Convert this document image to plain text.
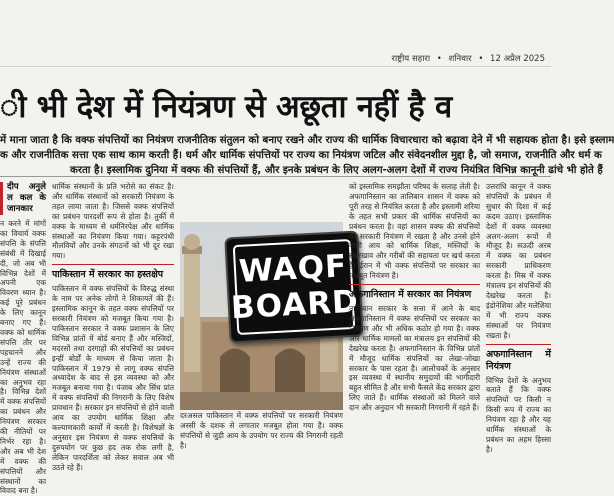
राष्ट्रीय सहारा • शनिवार • 12 अप्रैल 2025
ी भी देश में नियंत्रण से अछूता नहीं है व
में माना जाता है कि वक्फ संपत्तियों का नियंत्रण राजनीतिक संतुलन को बनाए रखने और राज्य की धार्मिक विचारधारा को बढ़ावा देने में भी सहायक होता है। इसे इस्लाम
क और राजनीतिक सत्ता एक साथ काम करती हैं। धर्म और धार्मिक संपत्तियों पर राज्य का नियंत्रण जटिल और संवेदनशील मुद्दा है, जो समाज, राजनीति और धर्म क
करता है। इस्लामिक दुनिया में वक्फ की संपत्तियों हैं, और इनके प्रबंधन के लिए अलग-अलग देशों में राज्य नियंत्रित विभिन्न कानूनी ढांचे भी होते हैं
दीप अनुले ल कल के जानकार

न करने में मांगों का विचार्य वक्फ संपत्ति के संपत्ति संबंधी में दिखाई दी, जो अब भी विभिन्न देशों में अपनी एक विवरण ध्यान है। कई पूरे प्रबंधन के लिए कानून बनाए गए हैं। वक्फ को धार्मिक संपत्ति तौर पर पहचानने और उन्हें राज्य की नियंत्रण संस्थाओं का अनुभव रहा है। विभिन्न देशों में वक्फ संपत्तियों का प्रबंधन और नियंत्रण सरकार की नीतियों पर निर्भर रहा है। और अब भी देश में वक्फ की संपत्तियों और संस्थानों का विवाद बना है।

धार्मिक संस्थानों के प्रति भरोसे का संकट है। और धार्मिक संस्थानों को सरकारी नियंत्रण के तहत लाया जाता है। जिससे वक्फ संपत्तियों का प्रबंधन पारदर्शी रूप से होता है। तुर्की में वक्फ के माध्यम से धर्मनिरपेक्ष और धार्मिक संस्थाओं का नियंत्रण किया गया। कट्टरपंथी मौलवियों और उनके संगठनों को भी दूर रखा गया।

पाकिस्तान में सरकार का हस्तक्षेप

पाकिस्तान में वक्फ संपत्तियों के विरुद्ध संस्था के नाम पर अनेक लोगों ने शिकायतें की हैं। इस्लामिक कानून के तहत वक्फ संपत्तियों पर सरकारी नियंत्रण को मजबूत किया गया है। पाकिस्तान सरकार ने वक्फ प्रशासन के लिए विभिन्न प्रांतों में बोर्ड बनाए हैं और मस्जिदों, मदरसों तथा दरगाहों की संपत्तियों का प्रबंधन इन्हीं बोर्डों के माध्यम से किया जाता है। पाकिस्तान में 1979 से लागू वक्फ संपत्ति अध्यादेश के बाद से इस व्यवस्था को और मजबूत बनाया गया है। पंजाब और सिंध प्रांत में वक्फ संपत्तियों की निगरानी के लिए विशेष प्रावधान हैं। सरकार इन संपत्तियों से होने वाली आय का उपयोग धार्मिक शिक्षा और कल्याणकारी कार्यों में करती है। विशेषज्ञों के अनुसार इस नियंत्रण से वक्फ संपत्तियों के दुरुपयोग पर कुछ हद तक रोक लगी है, लेकिन पारदर्शिता को लेकर सवाल अब भी उठते रहे हैं।

WAQF
BOARD
दरअसल पाकिस्तान में वक्फ संपत्तियों पर सरकारी नियंत्रण अस्सी के दशक से लगातार मजबूत होता गया है। वक्फ संपत्तियों से जुड़ी आय के उपयोग पर राज्य की निगरानी रहती है।

को इस्लामिक समझौता परिषद के सलाह लेती है। अफगानिस्तान का तालिबान शासन में वक्फ को पूरी तरह से नियंत्रित करता है और इस्लामी शरिया के तहत सभी प्रकार की धार्मिक संपत्तियों का प्रबंधन करता है। वहां शासन वक्फ की संपत्तियों को सरकारी नियंत्रण में रखता है और उनसे होने वाली आय को धार्मिक शिक्षा, मस्जिदों के रखरखाव और गरीबों की सहायता पर खर्च करता है। ईरान में भी वक्फ संपत्तियों पर सरकार का मजबूत नियंत्रण है।

अफगानिस्तान में सरकार का नियंत्रण

तालिबान सरकार के सत्ता में आने के बाद अफगानिस्तान में वक्फ संपत्तियों पर सरकार का नियंत्रण और भी अधिक कठोर हो गया है। वक्फ और धार्मिक मामलों का मंत्रालय इन संपत्तियों की देखरेख करता है। अफगानिस्तान के विभिन्न प्रांतों में मौजूद धार्मिक संपत्तियों का लेखा-जोखा सरकार के पास रहता है। आलोचकों के अनुसार इस व्यवस्था में स्थानीय समुदायों की भागीदारी बहुत सीमित है और सभी फैसले केंद्र सरकार द्वारा लिए जाते हैं। धार्मिक संस्थाओं को मिलने वाले दान और अनुदान भी सरकारी निगरानी में रहते हैं।

उत्तराधि कानून ने वक्फ संपत्तियों के प्रबंधन में सुधार की दिशा में कई कदम उठाए। इस्लामिक देशों में वक्फ व्यवस्था अलग-अलग रूपों में मौजूद है। सऊदी अरब में वक्फ का प्रबंधन सरकारी प्राधिकरण करता है। मिस्र में वक्फ मंत्रालय इन संपत्तियों की देखरेख करता है। इंडोनेशिया और मलेशिया में भी राज्य वक्फ संस्थाओं पर नियंत्रण रखता है।

अफगानिस्तान में नियंत्रण

विभिन्न देशों के अनुभव बताते हैं कि वक्फ संपत्तियों पर किसी न किसी रूप में राज्य का नियंत्रण रहा है और यह धार्मिक संस्थाओं के प्रबंधन का अहम हिस्सा है।
